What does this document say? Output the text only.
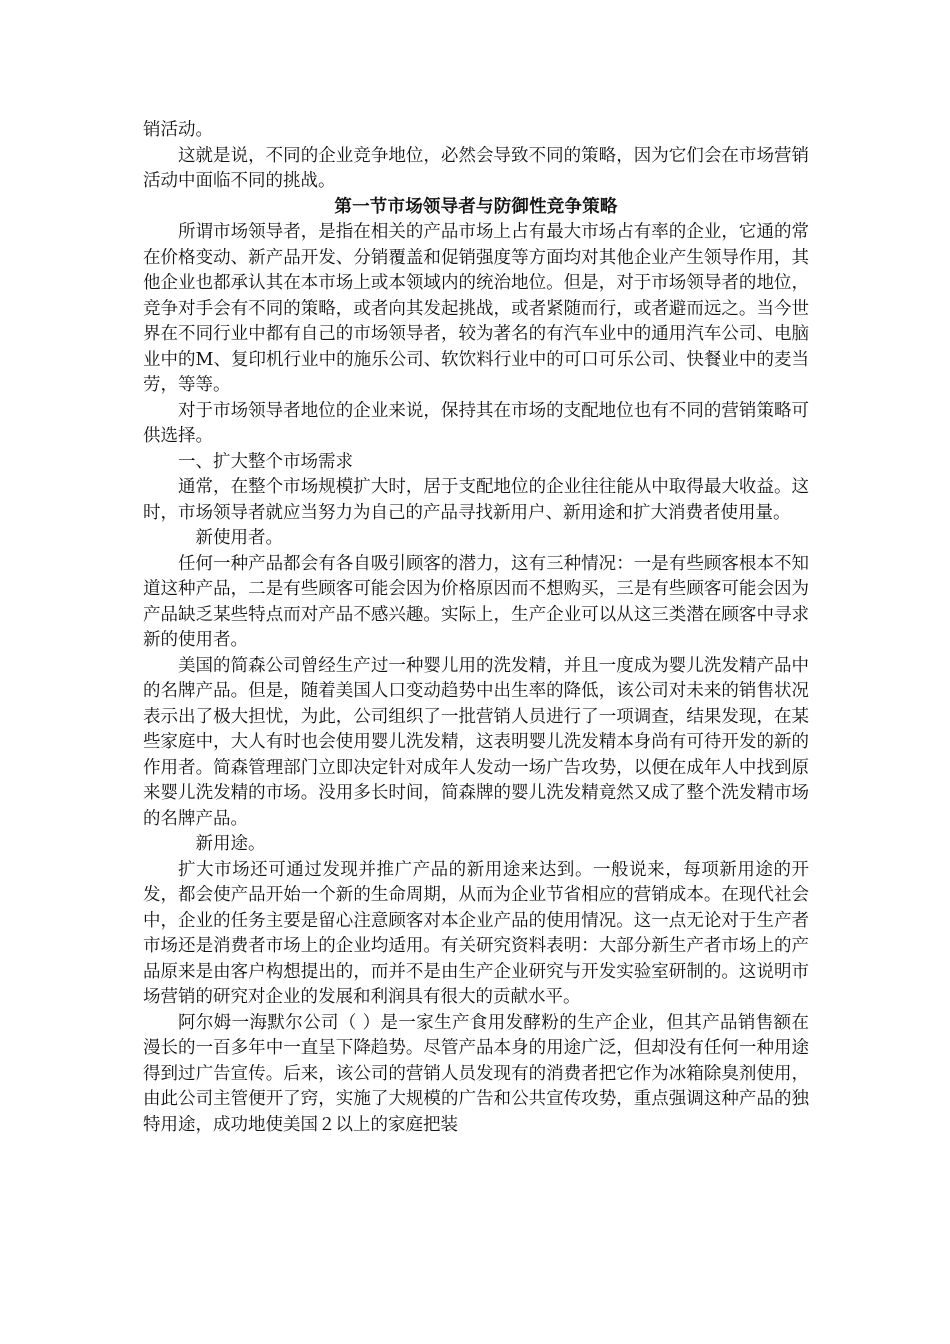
销活动。

这就是说，不同的企业竞争地位，必然会导致不同的策略，因为它们会在市场营销活动中面临不同的挑战。

第一节市场领导者与防御性竞争策略

所谓市场领导者，是指在相关的产品市场上占有最大市场占有率的企业，它通的常在价格变动、新产品开发、分销覆盖和促销强度等方面均对其他企业产生领导作用，其他企业也都承认其在本市场上或本领域内的统治地位。但是，对于市场领导者的地位，竞争对手会有不同的策略，或者向其发起挑战，或者紧随而行，或者避而远之。当今世界在不同行业中都有自己的市场领导者，较为著名的有汽车业中的通用汽车公司、电脑业中的M、复印机行业中的施乐公司、软饮料行业中的可口可乐公司、快餐业中的麦当劳，等等。

对于市场领导者地位的企业来说，保持其在市场的支配地位也有不同的营销策略可供选择。

一、扩大整个市场需求

通常，在整个市场规模扩大时，居于支配地位的企业往往能从中取得最大收益。这时，市场领导者就应当努力为自己的产品寻找新用户、新用途和扩大消费者使用量。

新使用者。

任何一种产品都会有各自吸引顾客的潜力，这有三种情况：一是有些顾客根本不知道这种产品，二是有些顾客可能会因为价格原因而不想购买，三是有些顾客可能会因为产品缺乏某些特点而对产品不感兴趣。实际上，生产企业可以从这三类潜在顾客中寻求新的使用者。

美国的简森公司曾经生产过一种婴儿用的洗发精，并且一度成为婴儿洗发精产品中的名牌产品。但是，随着美国人口变动趋势中出生率的降低，该公司对未来的销售状况表示出了极大担忧，为此，公司组织了一批营销人员进行了一项调查，结果发现，在某些家庭中，大人有时也会使用婴儿洗发精，这表明婴儿洗发精本身尚有可待开发的新的作用者。简森管理部门立即决定针对成年人发动一场广告攻势，以便在成年人中找到原来婴儿洗发精的市场。没用多长时间，简森牌的婴儿洗发精竟然又成了整个洗发精市场的名牌产品。

新用途。

扩大市场还可通过发现并推广产品的新用途来达到。一般说来，每项新用途的开发，都会使产品开始一个新的生命周期，从而为企业节省相应的营销成本。在现代社会中，企业的任务主要是留心注意顾客对本企业产品的使用情况。这一点无论对于生产者市场还是消费者市场上的企业均适用。有关研究资料表明：大部分新生产者市场上的产品原来是由客户构想提出的，而并不是由生产企业研究与开发实验室研制的。这说明市场营销的研究对企业的发展和利润具有很大的贡献水平。

阿尔姆一海默尔公司（ ）是一家生产食用发酵粉的生产企业，但其产品销售额在漫长的一百多年中一直呈下降趋势。尽管产品本身的用途广泛，但却没有任何一种用途得到过广告宣传。后来，该公司的营销人员发现有的消费者把它作为冰箱除臭剂使用，由此公司主管便开了窍，实施了大规模的广告和公共宣传攻势，重点强调这种产品的独特用途，成功地使美国２以上的家庭把装
